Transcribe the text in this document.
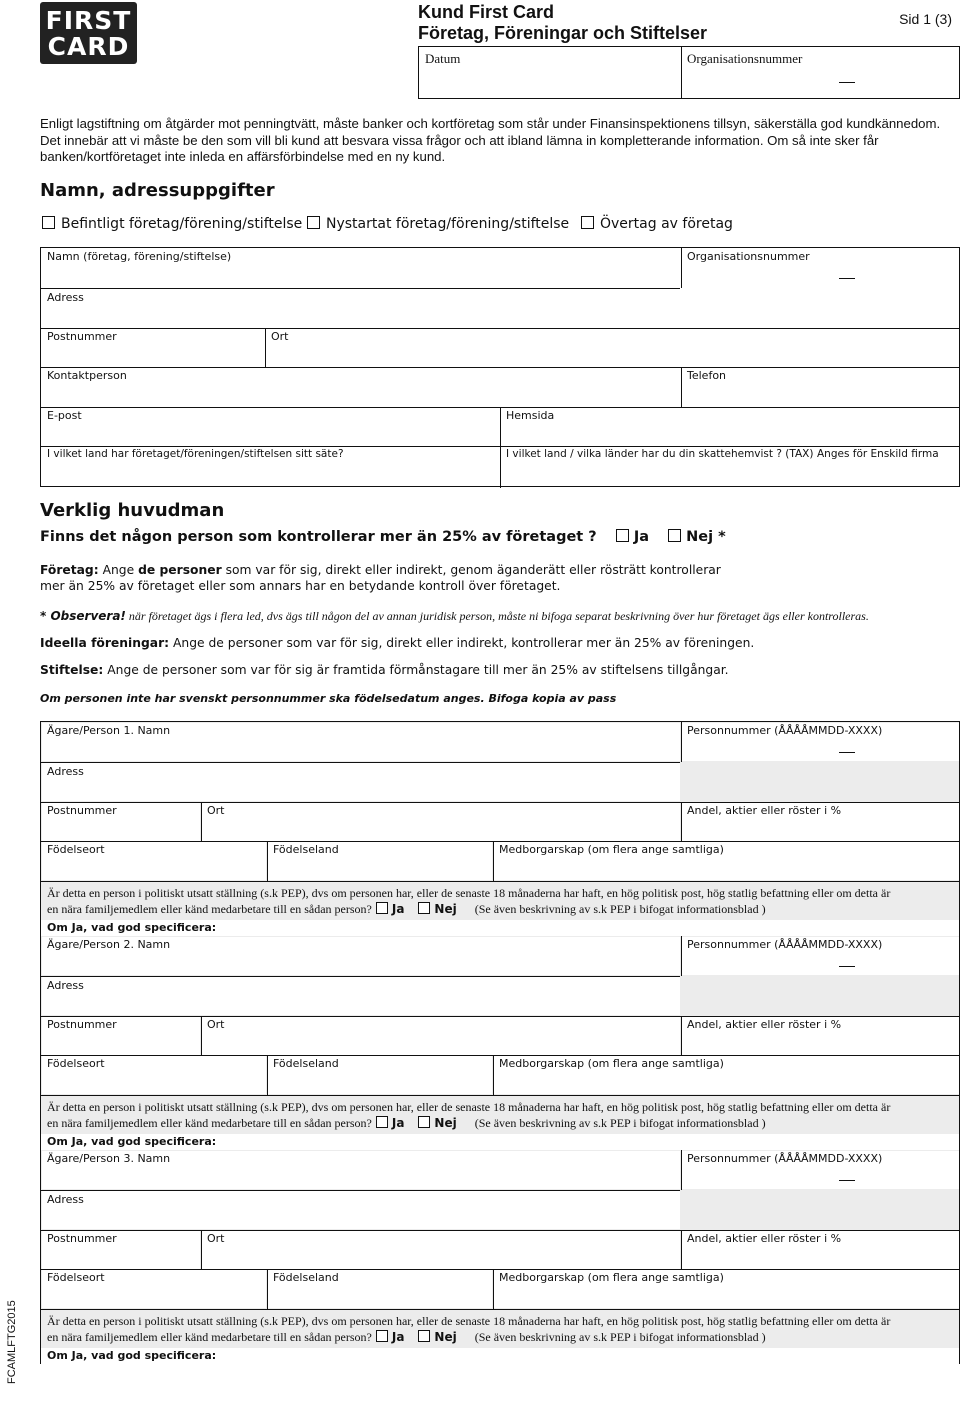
FIRST
CARD
Kund First Card
Företag, Föreningar och Stiftelser
Sid 1 (3)
Datum	Organisationsnummer
Enligt lagstiftning om åtgärder mot penningtvätt, måste banker och kortföretag som står under Finansinspektionens tillsyn, säkerställa god kundkännedom. Det innebär att vi måste be den som vill bli kund att besvara vissa frågor och att ibland lämna in kompletterande information. Om så inte sker får banken/kortföretaget inte inleda en affärsförbindelse med en ny kund.
Namn, adressuppgifter
Befintligt företag/förening/stiftelse	Nystartat företag/förening/stiftelse	Övertag av företag
Namn (företag, förening/stiftelse)	Organisationsnummer
Adress
Postnummer	Ort
Kontaktperson	Telefon
E-post	Hemsida
I vilket land har företaget/föreningen/stiftelsen sitt säte?	I vilket land / vilka länder har du din skattehemvist ? (TAX) Anges för Enskild firma
Verklig huvudman
Finns det någon person som kontrollerar mer än 25% av företaget ?	Ja	Nej *
Företag: Ange de personer som var för sig, direkt eller indirekt, genom äganderätt eller rösträtt kontrollerar
mer än 25% av företaget eller som annars har en betydande kontroll över företaget.
* Observera! när företaget ägs i flera led, dvs ägs till någon del av annan juridisk person, måste ni bifoga separat beskrivning över hur företaget ägs eller kontrolleras.
Ideella föreningar: Ange de personer som var för sig, direkt eller indirekt, kontrollerar mer än 25% av föreningen.
Stiftelse: Ange de personer som var för sig är framtida förmånstagare till mer än 25% av stiftelsens tillgångar.
Om personen inte har svenskt personnummer ska födelsedatum anges. Bifoga kopia av pass
Ägare/Person 1. Namn	Personnummer (ÅÅÅÅMMDD-XXXX)
Adress
Postnummer	Ort	Andel, aktier eller röster i %
Födelseort	Födelseland	Medborgarskap (om flera ange samtliga)
Är detta en person i politiskt utsatt ställning (s.k PEP), dvs om personen har, eller de senaste 18 månaderna har haft, en hög politisk post, hög statlig befattning eller om detta är
en nära familjemedlem eller känd medarbetare till en sådan person? Ja	Nej (Se även beskrivning av s.k PEP i bifogat informationsblad )
Om Ja, vad god specificera:
Ägare/Person 2. Namn	Personnummer (ÅÅÅÅMMDD-XXXX)
Adress
Postnummer	Ort	Andel, aktier eller röster i %
Födelseort	Födelseland	Medborgarskap (om flera ange samtliga)
Är detta en person i politiskt utsatt ställning (s.k PEP), dvs om personen har, eller de senaste 18 månaderna har haft, en hög politisk post, hög statlig befattning eller om detta är
en nära familjemedlem eller känd medarbetare till en sådan person? Ja	Nej (Se även beskrivning av s.k PEP i bifogat informationsblad )
Om Ja, vad god specificera:
Ägare/Person 3. Namn	Personnummer (ÅÅÅÅMMDD-XXXX)
Adress
Postnummer	Ort	Andel, aktier eller röster i %
Födelseort	Födelseland	Medborgarskap (om flera ange samtliga)
Är detta en person i politiskt utsatt ställning (s.k PEP), dvs om personen har, eller de senaste 18 månaderna har haft, en hög politisk post, hög statlig befattning eller om detta är
en nära familjemedlem eller känd medarbetare till en sådan person? Ja	Nej (Se även beskrivning av s.k PEP i bifogat informationsblad )
Om Ja, vad god specificera:
FCAMLFTG2015
